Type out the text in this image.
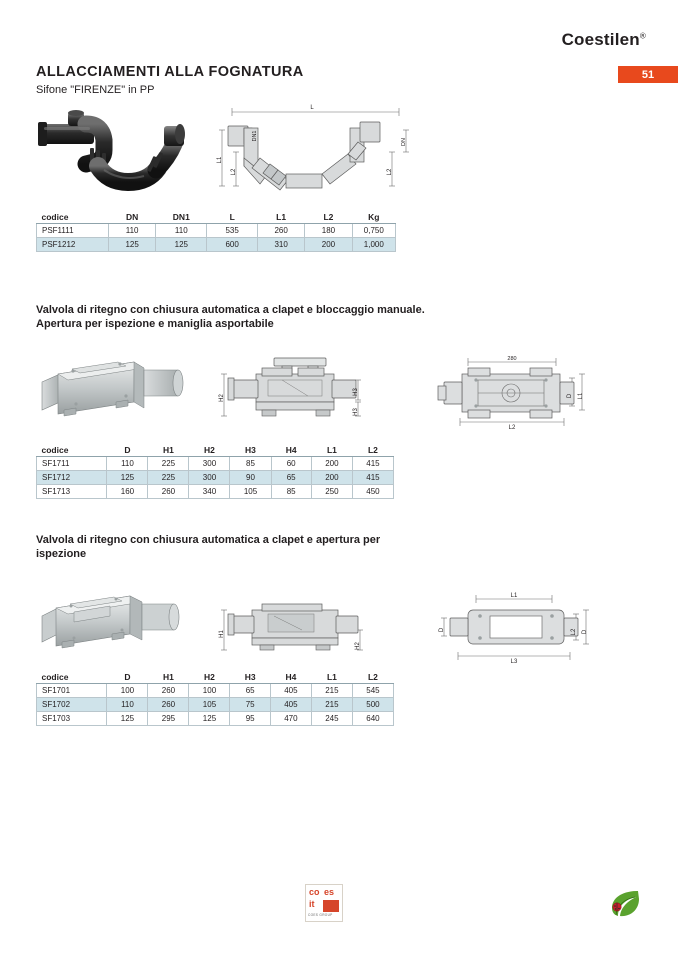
Coestilen®
51
ALLACCIAMENTI ALLA FOGNATURA
Sifone "FIRENZE" in PP
L
L1
L2
DN1
DN
L2
codice	DN	DN1	L	L1	L2	Kg
PSF1111	110	110	535	260	180	0,750
PSF1212	125	125	600	310	200	1,000
Valvola di ritegno con chiusura automatica a clapet e bloccaggio manuale. Apertura per ispezione e maniglia asportabile
H2
H3
H3
280
L2
D L1
codice	D	H1	H2	H3	H4	L1	L2
SF1711	110	225	300	85	60	200	415
SF1712	125	225	300	90	65	200	415
SF1713	160	260	340	105	85	250	450
Valvola di ritegno con chiusura automatica a clapet e apertura per ispezione
H1
H2
L1
L3
L2 D
D
codice	D	H1	H2	H3	H4	L1	L2
SF1701	100	260	100	65	405	215	545
SF1702	110	260	105	75	405	215	500
SF1703	125	295	125	95	470	245	640
co es
it
COES GROUP
